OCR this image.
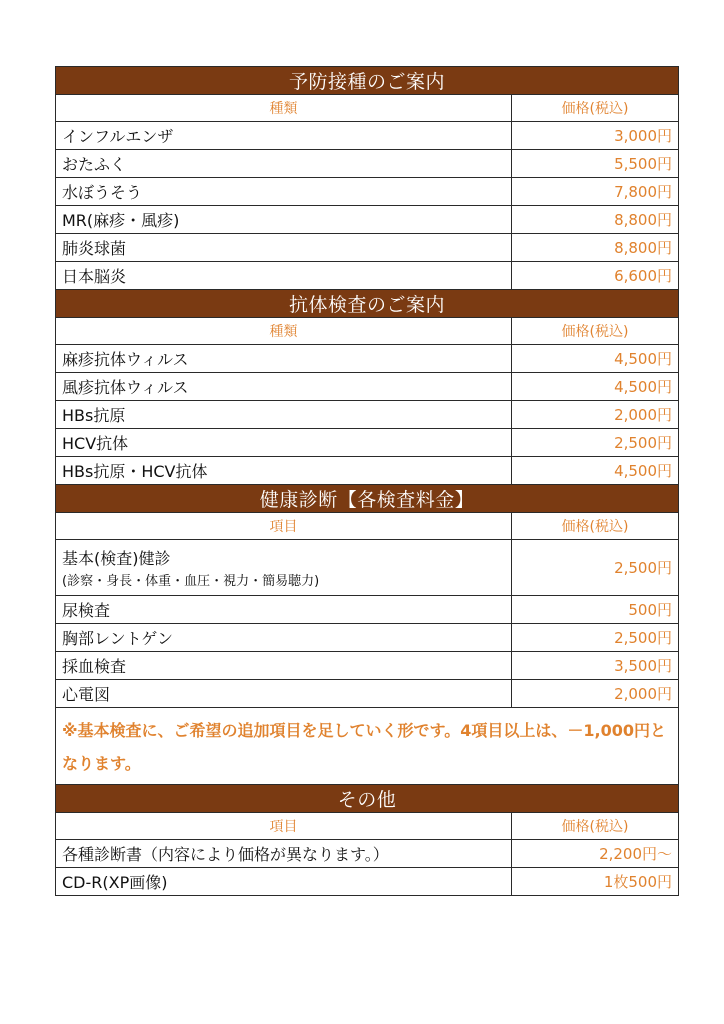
予防接種のご案内	
種類	価格(税込)
インフルエンザ	3,000円
おたふく	5,500円
水ぼうそう	7,800円
MR(麻疹・風疹)	8,800円
肺炎球菌	8,800円
日本脳炎	6,600円
抗体検査のご案内	
種類	価格(税込)
麻疹抗体ウィルス	4,500円
風疹抗体ウィルス	4,500円
HBs抗原	2,000円
HCV抗体	2,500円
HBs抗原・HCV抗体	4,500円
健康診断【各検査料金】	
項目	価格(税込)
基本(検査)健診
(診察・身長・体重・血圧・視力・簡易聴力)	2,500円
尿検査	500円
胸部レントゲン	2,500円
採血検査	3,500円
心電図	2,000円
※基本検査に、ご希望の追加項目を足していく形です。4項目以上は、－1,000円となります。	
その他	
項目	価格(税込)
各種診断書（内容により価格が異なります。）	2,200円～
CD-R(XP画像)	1枚500円
